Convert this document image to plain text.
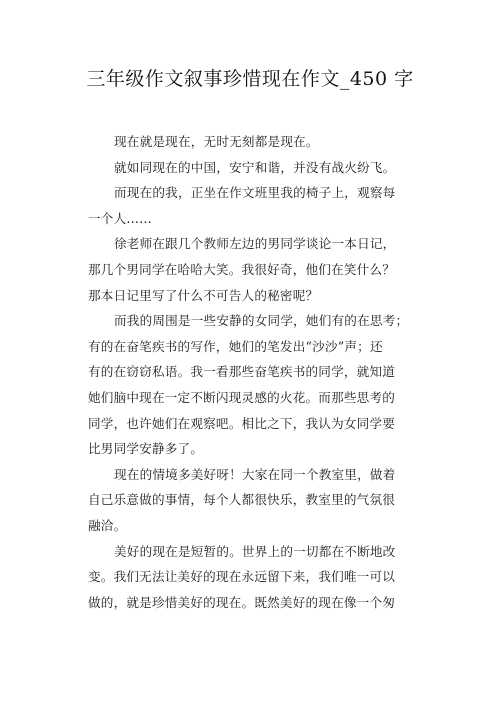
三年级作文叙事珍惜现在作文_450 字
现在就是现在，无时无刻都是现在。
就如同现在的中国，安宁和谐，并没有战火纷飞。
而现在的我，正坐在作文班里我的椅子上，观察每
一个人……
徐老师在跟几个教师左边的男同学谈论一本日记，
那几个男同学在哈哈大笑。我很好奇，他们在笑什么？
那本日记里写了什么不可告人的秘密呢？
而我的周围是一些安静的女同学，她们有的在思考；
有的在奋笔疾书的写作，她们的笔发出“沙沙”声；还
有的在窃窃私语。我一看那些奋笔疾书的同学，就知道
她们脑中现在一定不断闪现灵感的火花。而那些思考的
同学，也许她们在观察吧。相比之下，我认为女同学要
比男同学安静多了。
现在的情境多美好呀！大家在同一个教室里，做着
自己乐意做的事情，每个人都很快乐，教室里的气氛很
融洽。
美好的现在是短暂的。世界上的一切都在不断地改
变。我们无法让美好的现在永远留下来，我们唯一可以
做的，就是珍惜美好的现在。既然美好的现在像一个匆
